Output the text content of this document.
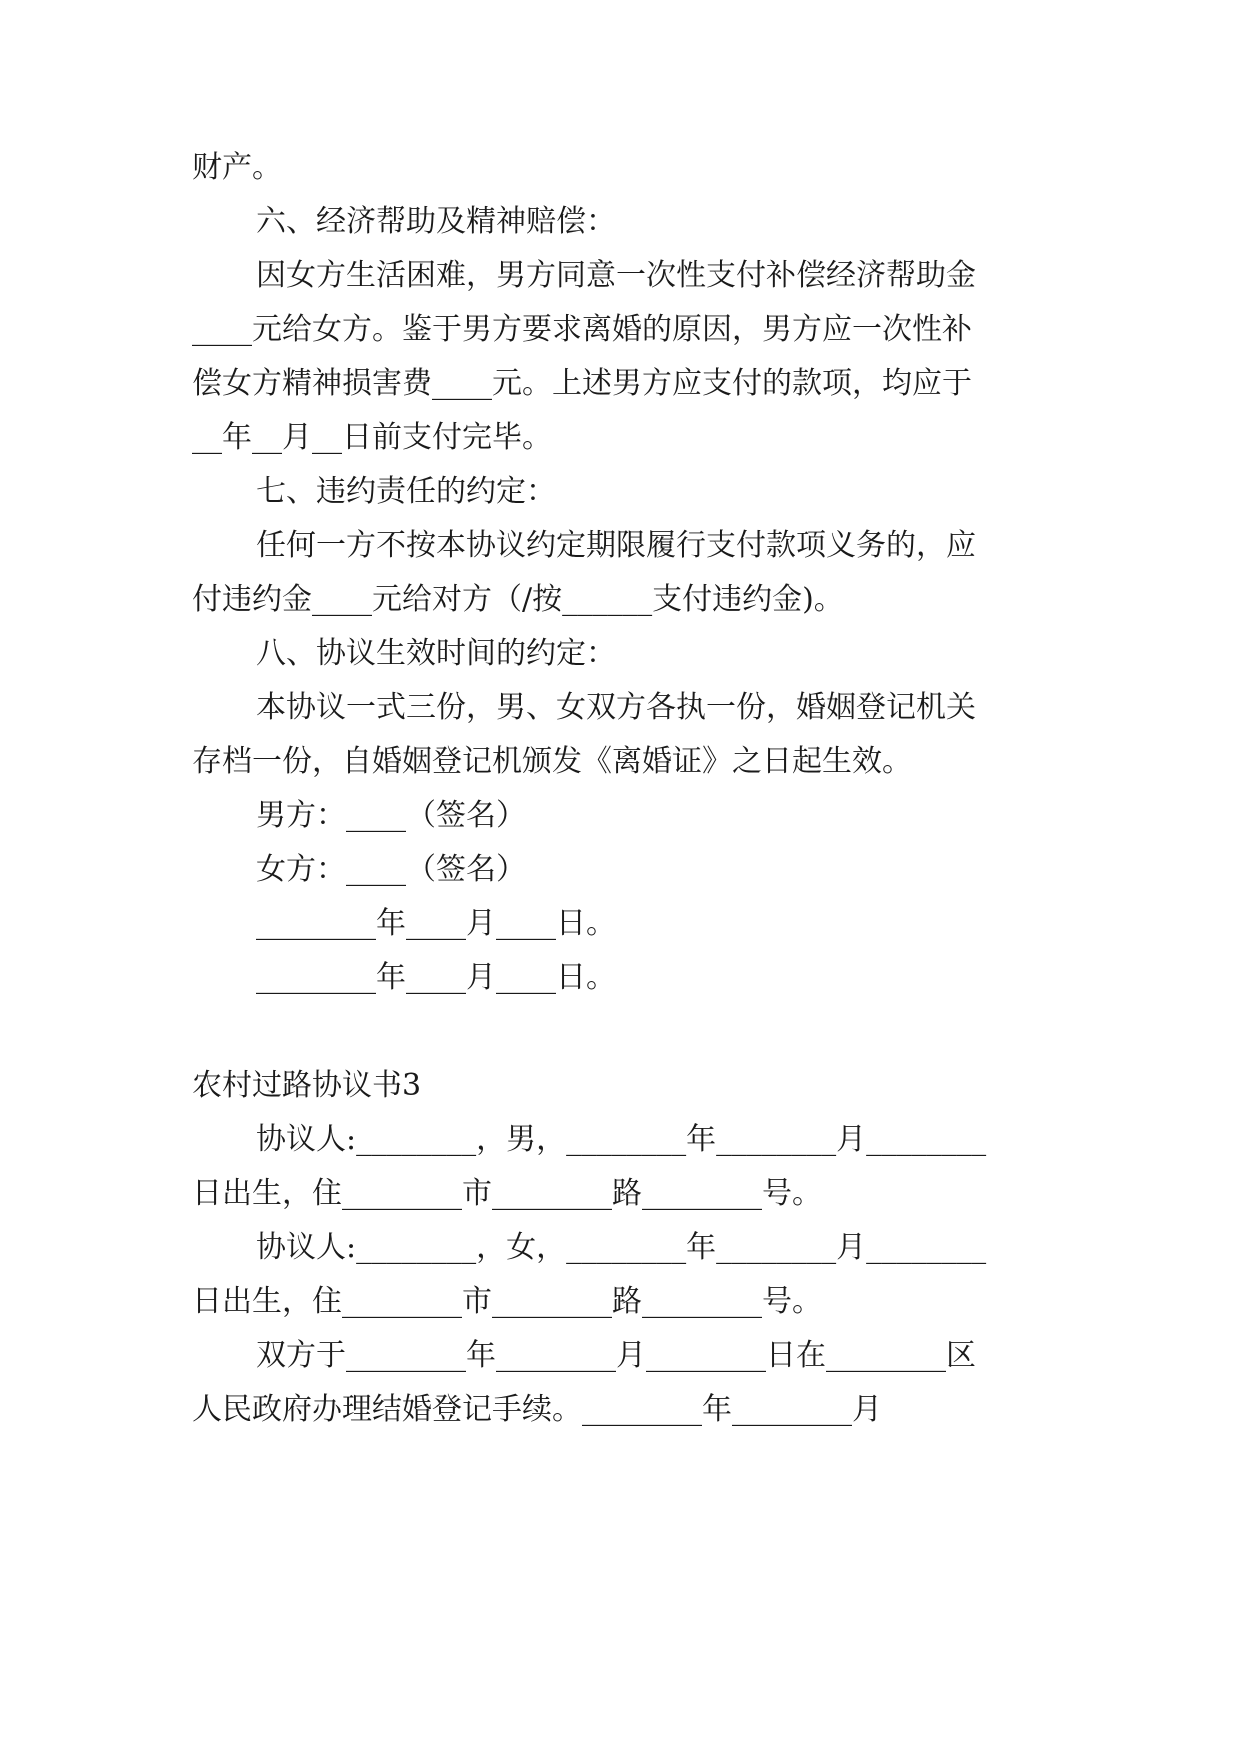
财产。

六、经济帮助及精神赔偿：

因女方生活困难，男方同意一次性支付补偿经济帮助金

____元给女方。鉴于男方要求离婚的原因，男方应一次性补

偿女方精神损害费____元。上述男方应支付的款项，均应于

__年__月__日前支付完毕。

七、违约责任的约定：

任何一方不按本协议约定期限履行支付款项义务的，应

付违约金____元给对方（/按______支付违约金)。

八、协议生效时间的约定：

本协议一式三份，男、女双方各执一份，婚姻登记机关

存档一份，自婚姻登记机颁发《离婚证》之日起生效。

男方：____（签名）

女方：____（签名）

________年____月____日。

________年____月____日。

农村过路协议书3

协议人:________，男，________年________月________

日出生，住________市________路________号。

协议人:________，女，________年________月________

日出生，住________市________路________号。

双方于________年________月________日在________区

人民政府办理结婚登记手续。________年________月
